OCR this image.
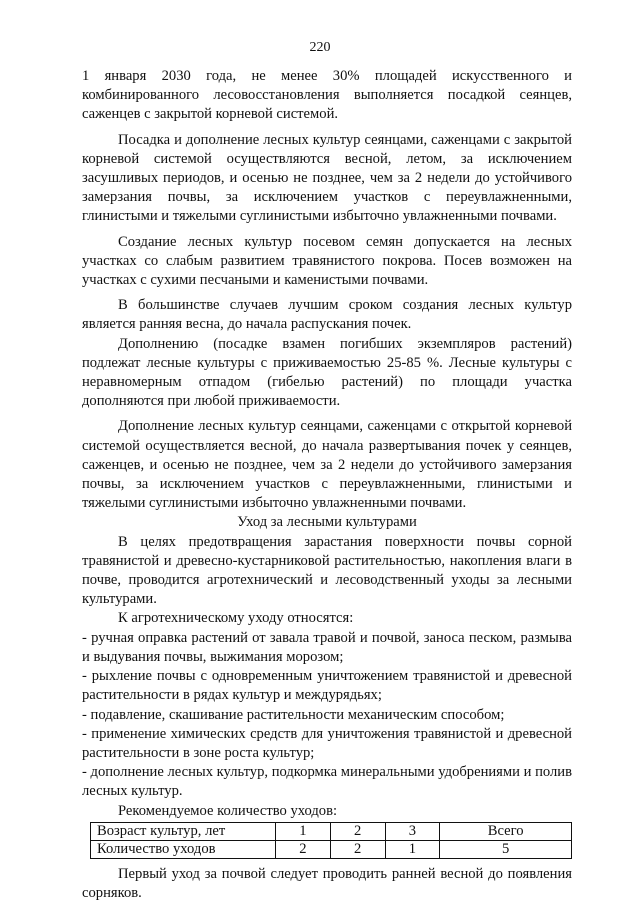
220

1 января 2030 года, не менее 30% площадей искусственного и комбинированного лесовосстановления выполняется посадкой сеянцев, саженцев с закрытой корневой системой.

Посадка и дополнение лесных культур сеянцами, саженцами с закрытой корневой системой осуществляются весной, летом, за исключением засушливых периодов, и осенью не позднее, чем за 2 недели до устойчивого замерзания почвы, за исключением участков с переувлажненными, глинистыми и тяжелыми суглинистыми избыточно увлажненными почвами.

Создание лесных культур посевом семян допускается на лесных участках со слабым развитием травянистого покрова. Посев возможен на участках с сухими песчаными и каменистыми почвами.

В большинстве случаев лучшим сроком создания лесных культур является ранняя весна, до начала распускания почек.

Дополнению (посадке взамен погибших экземпляров растений) подлежат лесные культуры с приживаемостью 25-85 %. Лесные культуры с неравномерным отпадом (гибелью растений) по площади участка дополняются при любой приживаемости.

Дополнение лесных культур сеянцами, саженцами с открытой корневой системой осуществляется весной, до начала развертывания почек у сеянцев, саженцев, и осенью не позднее, чем за 2 недели до устойчивого замерзания почвы, за исключением участков с переувлажненными, глинистыми и тяжелыми суглинистыми избыточно увлажненными почвами.

Уход за лесными культурами

В целях предотвращения зарастания поверхности почвы сорной травянистой и древесно-кустарниковой растительностью, накопления влаги в почве, проводится агротехнический и лесоводственный уходы за лесными культурами.

К агротехническому уходу относятся:

- ручная оправка растений от завала травой и почвой, заноса песком, размыва и выдувания почвы, выжимания морозом;

- рыхление почвы с одновременным уничтожением травянистой и древесной растительности в рядах культур и междурядьях;

- подавление, скашивание растительности механическим способом;

- применение химических средств для уничтожения травянистой и древесной растительности в зоне роста культур;

- дополнение лесных культур, подкормка минеральными удобрениями и полив лесных культур.

Рекомендуемое количество уходов:

Возраст культур, лет	1	2	3	Всего
Количество уходов	2	2	1	5

Первый уход за почвой следует проводить ранней весной до появления сорняков.
